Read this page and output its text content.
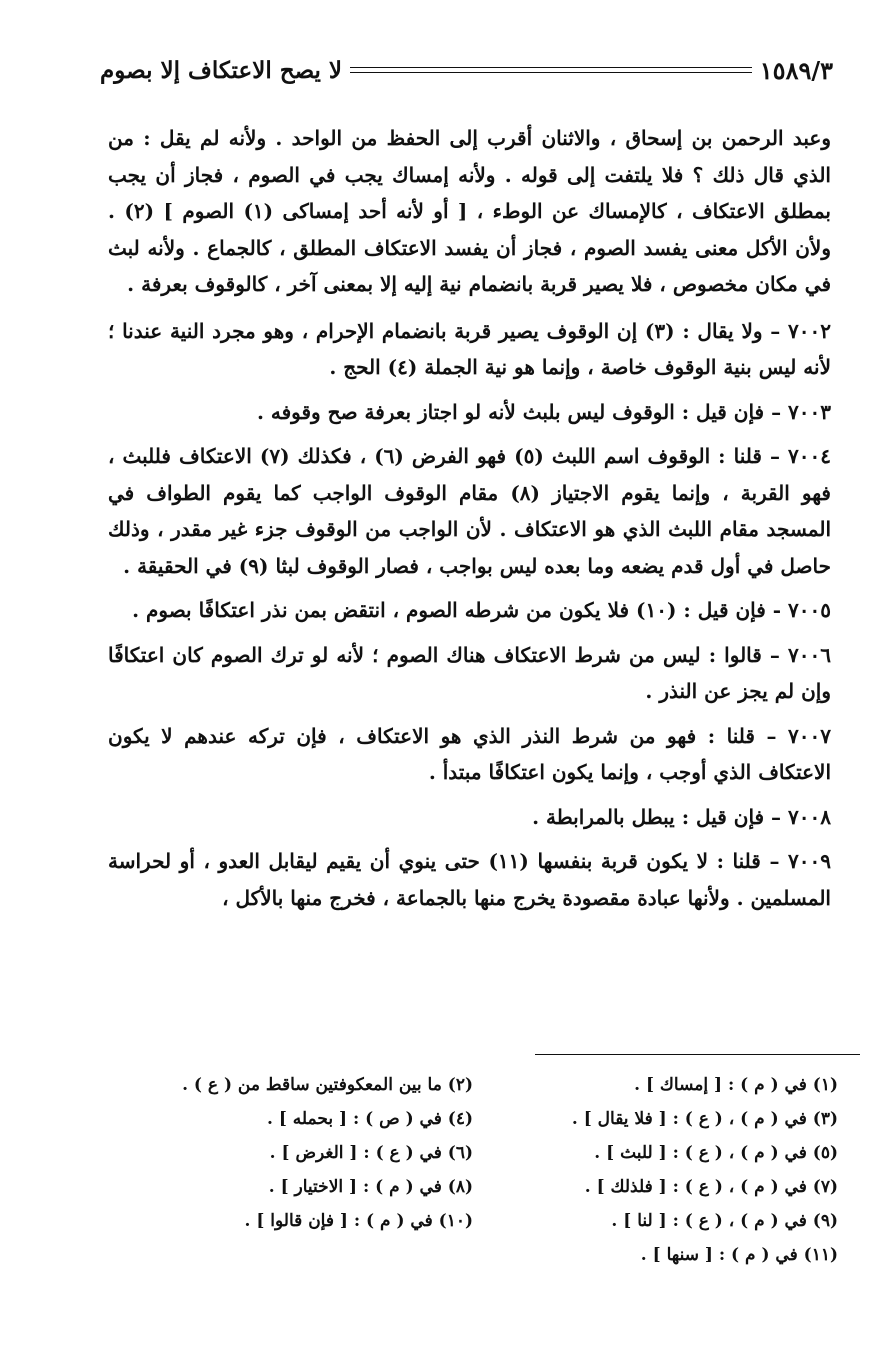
لا يصح الاعتكاف إلا بصوم	١٥٨٩/٣

وعبد الرحمن بن إسحاق ، والاثنان أقرب إلى الحفظ من الواحد . ولأنه لم يقل : من الذي قال ذلك ؟ فلا يلتفت إلى قوله . ولأنه إمساك يجب في الصوم ، فجاز أن يجب بمطلق الاعتكاف ، كالإمساك عن الوطء ، [ أو لأنه أحد إمساكى (١) الصوم ] (٢) . ولأن الأكل معنى يفسد الصوم ، فجاز أن يفسد الاعتكاف المطلق ، كالجماع . ولأنه لبث في مكان مخصوص ، فلا يصير قربة بانضمام نية إليه إلا بمعنى آخر ، كالوقوف بعرفة .

٧٠٠٢ – ولا يقال : (٣) إن الوقوف يصير قربة بانضمام الإحرام ، وهو مجرد النية عندنا ؛ لأنه ليس بنية الوقوف خاصة ، وإنما هو نية الجملة (٤) الحج .

٧٠٠٣ – فإن قيل : الوقوف ليس بلبث لأنه لو اجتاز بعرفة صح وقوفه .

٧٠٠٤ – قلنا : الوقوف اسم اللبث (٥) فهو الفرض (٦) ، فكذلك (٧) الاعتكاف فللبث ، فهو القربة ، وإنما يقوم الاجتياز (٨) مقام الوقوف الواجب كما يقوم الطواف في المسجد مقام اللبث الذي هو الاعتكاف . لأن الواجب من الوقوف جزء غير مقدر ، وذلك حاصل في أول قدم يضعه وما بعده ليس بواجب ، فصار الوقوف لبثا (٩) في الحقيقة .

٧٠٠٥ - فإن قيل : (١٠) فلا يكون من شرطه الصوم ، انتقض بمن نذر اعتكافًا بصوم .

٧٠٠٦ – قالوا : ليس من شرط الاعتكاف هناك الصوم ؛ لأنه لو ترك الصوم كان اعتكافًا وإن لم يجز عن النذر .

٧٠٠٧ – قلنا : فهو من شرط النذر الذي هو الاعتكاف ، فإن تركه عندهم لا يكون الاعتكاف الذي أوجب ، وإنما يكون اعتكافًا مبتدأ .

٧٠٠٨ – فإن قيل : يبطل بالمرابطة .

٧٠٠٩ – قلنا : لا يكون قربة بنفسها (١١) حتى ينوي أن يقيم ليقابل العدو ، أو لحراسة المسلمين . ولأنها عبادة مقصودة يخرج منها بالجماعة ، فخرج منها بالأكل ،

(١) في ( م ) : [ إمساك ] .
(٢) ما بين المعكوفتين ساقط من ( ع ) .
(٣) في ( م ) ، ( ع ) : [ فلا يقال ] .
(٤) في ( ص ) : [ بحمله ] .
(٥) في ( م ) ، ( ع ) : [ للبث ] .
(٦) في ( ع ) : [ الغرض ] .
(٧) في ( م ) ، ( ع ) : [ فلذلك ] .
(٨) في ( م ) : [ الاختيار ] .
(٩) في ( م ) ، ( ع ) : [ لنا ] .
(١٠) في ( م ) : [ فإن قالوا ] .
(١١) في ( م ) : [ سنها ] .
